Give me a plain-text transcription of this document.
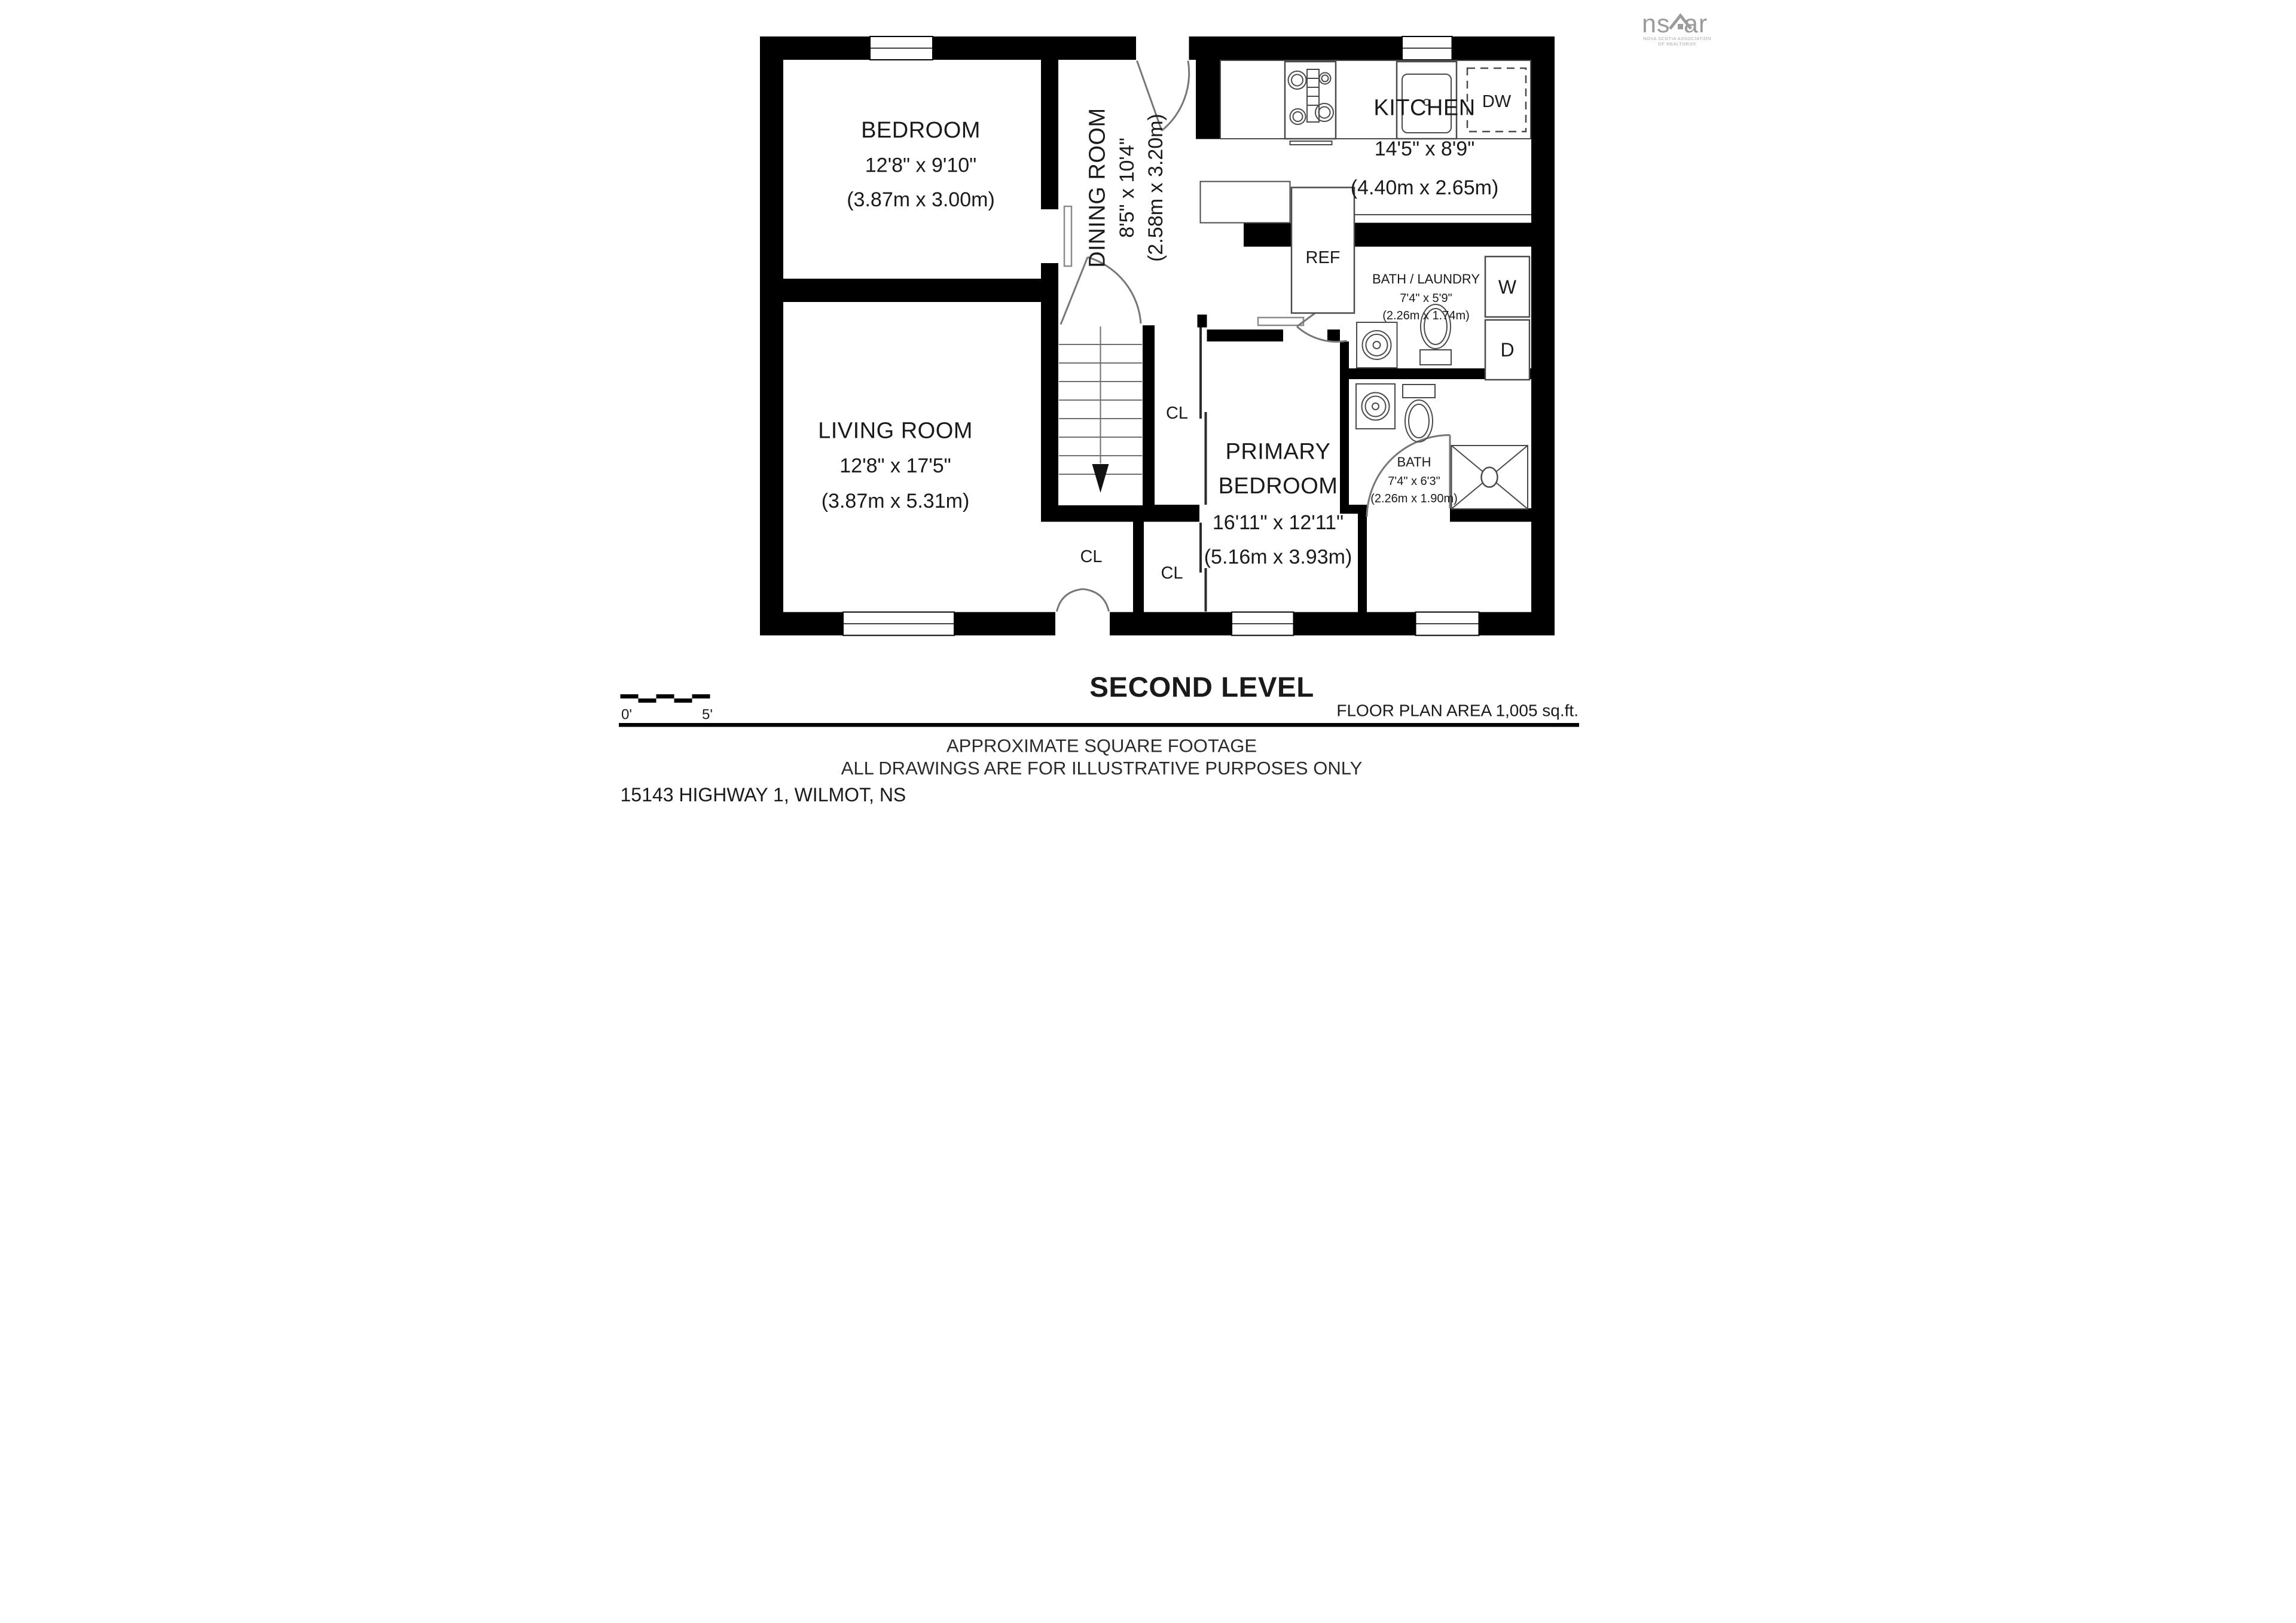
DW
REF
W
D
BEDROOM
12'8" x 9'10"
(3.87m x 3.00m) DINING ROOM 8'5" x 10'4" (2.58m x 3.20m)
KITCHEN
14'5" x 8'9"
(4.40m x 2.65m)
LIVING ROOM
12'8" x 17'5"
(3.87m x 5.31m)
PRIMARY
BEDROOM
16'11" x 12'11"
(5.16m x 3.93m)
BATH / LAUNDRY
7'4" x 5'9"
(2.26m x 1.74m)
BATH
7'4" x 6'3"
(2.26m x 1.90m)
CL
CL
CL
SECOND LEVEL
0' 5'	FLOOR PLAN AREA 1,005 sq.ft.
APPROXIMATE SQUARE FOOTAGE
ALL DRAWINGS ARE FOR ILLUSTRATIVE PURPOSES ONLY
15143 HIGHWAY 1, WILMOT, NS
ns ar
NOVA SCOTIA ASSOCIATION
OF REALTORS®
